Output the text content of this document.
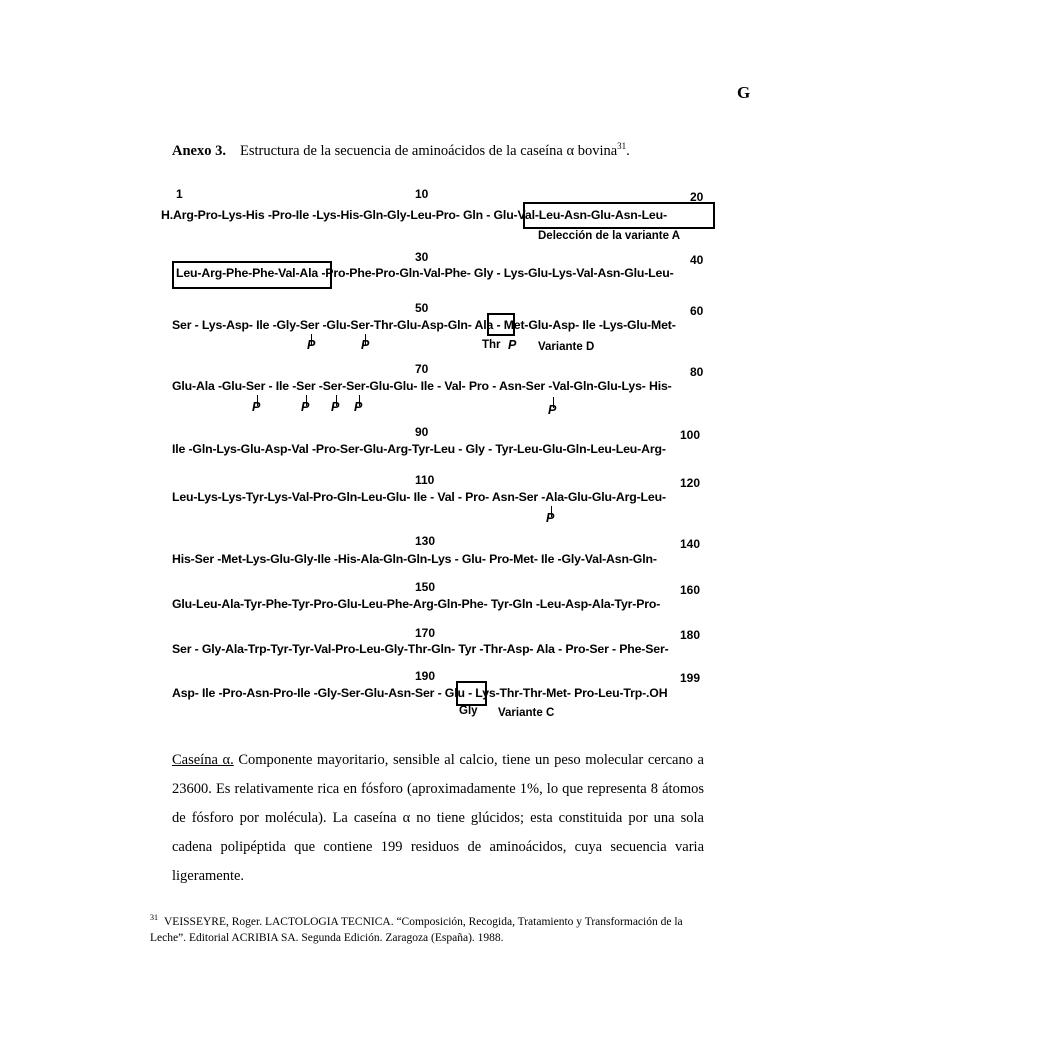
G
Anexo 3. Estructura de la secuencia de aminoácidos de la caseína α bovina$^{31}$.
1	10	20
H.Arg-Pro-Lys-His -Pro-Ile -Lys-His-Gln-Gly-Leu-Pro- Gln - Glu-Val-Leu-Asn-Glu-Asn-Leu-
Delección de la variante A
30	40
Leu-Arg-Phe-Phe-Val-Ala -Pro-Phe-Pro-Gln-Val-Phe- Gly - Lys-Glu-Lys-Val-Asn-Glu-Leu-
50	60
Ser - Lys-Asp- Ile -Gly-Ser -Glu-Ser-Thr-Glu-Asp-Gln- Ala - Met-Glu-Asp- Ile -Lys-Glu-Met-
P	P	Thr P Variante D
70	80
Glu-Ala -Glu-Ser - Ile -Ser -Ser-Ser-Glu-Glu- Ile - Val- Pro - Asn-Ser -Val-Gln-Glu-Lys- His-
P	P P P	P
90	100
Ile -Gln-Lys-Glu-Asp-Val -Pro-Ser-Glu-Arg-Tyr-Leu - Gly - Tyr-Leu-Glu-Gln-Leu-Leu-Arg-
110	120
Leu-Lys-Lys-Tyr-Lys-Val-Pro-Gln-Leu-Glu- Ile - Val - Pro- Asn-Ser -Ala-Glu-Glu-Arg-Leu-
P
130	140
His-Ser -Met-Lys-Glu-Gly-Ile -His-Ala-Gln-Gln-Lys - Glu- Pro-Met- Ile -Gly-Val-Asn-Gln-
150	160
Glu-Leu-Ala-Tyr-Phe-Tyr-Pro-Glu-Leu-Phe-Arg-Gln-Phe- Tyr-Gln -Leu-Asp-Ala-Tyr-Pro-
170	180
Ser - Gly-Ala-Trp-Tyr-Tyr-Val-Pro-Leu-Gly-Thr-Gln- Tyr -Thr-Asp- Ala - Pro-Ser - Phe-Ser-
190	199
Asp- Ile -Pro-Asn-Pro-Ile -Gly-Ser-Glu-Asn-Ser - Glu - Lys-Thr-Thr-Met- Pro-Leu-Trp-.OH
Gly Variante C
Caseína α. Componente mayoritario, sensible al calcio, tiene un peso molecular cercano a 23600. Es relativamente rica en fósforo (aproximadamente 1%, lo que representa 8 átomos de fósforo por molécula). La caseína α no tiene glúcidos; esta constituida por una sola cadena polipéptida que contiene 199 residuos de aminoácidos, cuya secuencia varia ligeramente.
$^{31}$ VEISSEYRE, Roger. LACTOLOGIA TECNICA. “Composición, Recogida, Tratamiento y Transformación de la Leche”. Editorial ACRIBIA SA. Segunda Edición. Zaragoza (España). 1988.
